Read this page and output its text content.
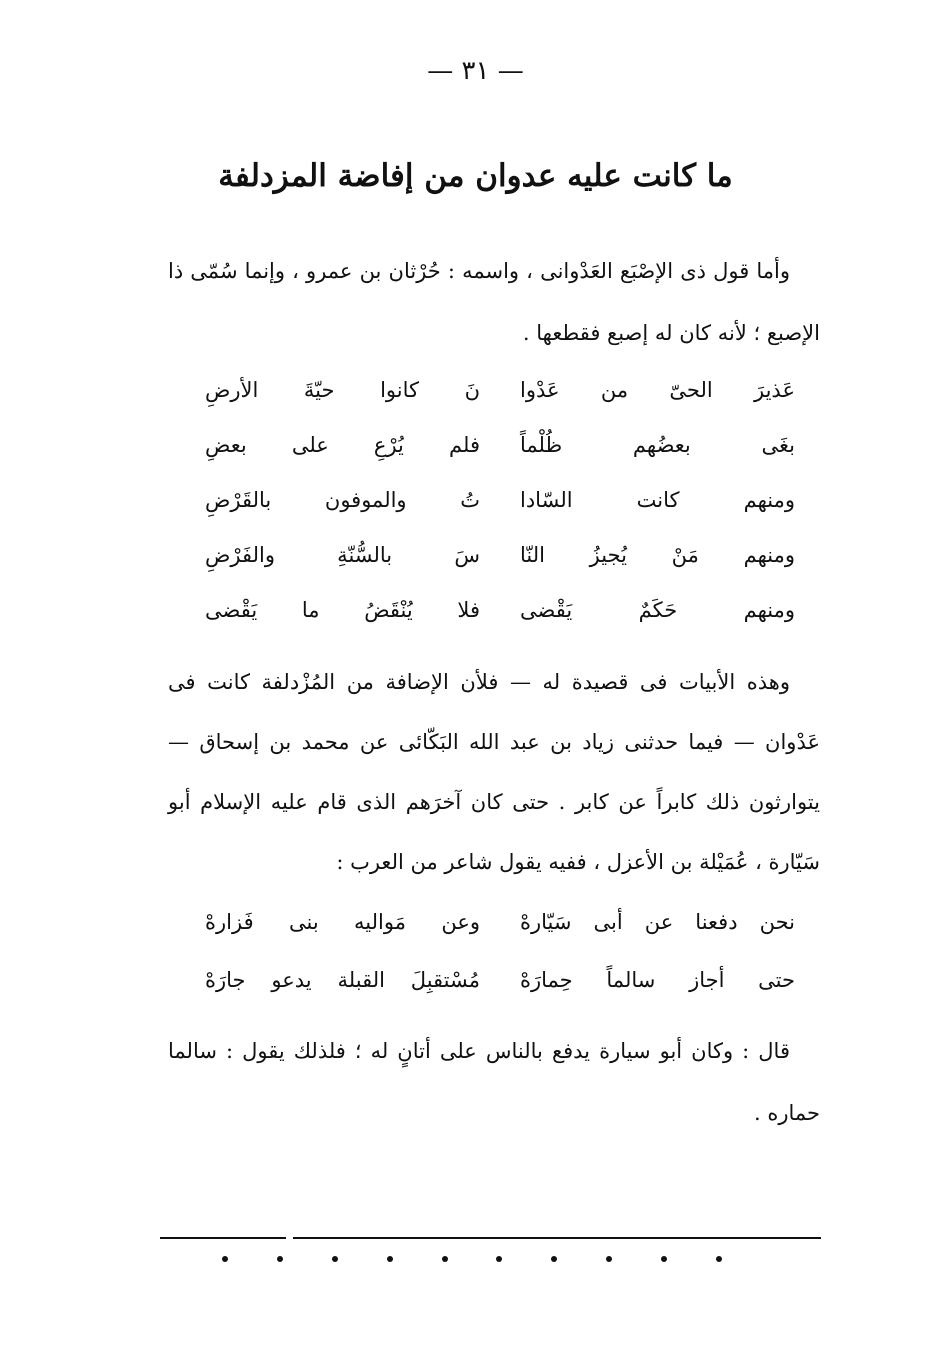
— ٣١ —
ما كانت عليه عدوان من إفاضة المزدلفة

وأما قول ذى الإصْبَع العَدْوانى ، واسمه : حُرْثان بن عمرو ، وإنما سُمّى ذا الإصبع ؛ لأنه كان له إصبع فقطعها .

عَذيرَ الحىّ من عَدْوا
نَ كانوا حيّةَ الأرضِ
بغَى بعضُهم ظُلْماً
فلم يُرْعِ على بعضِ
ومنهم كانت السّادا
تُ والموفون بالقَرْضِ
ومنهم مَنْ يُجيزُ النّا
سَ بالسُّنّةِ والفَرْضِ
ومنهم حَكَمٌ يَقْضى
فلا يُنْقَضُ ما يَقْضى

وهذه الأبيات فى قصيدة له — فلأن الإضافة من المُزْدلفة كانت فى عَدْوان — فيما حدثنى زياد بن عبد الله البَكّائى عن محمد بن إسحاق — يتوارثون ذلك كابراً عن كابر . حتى كان آخرَهم الذى قام عليه الإسلام أبو سَيّارة ، عُمَيْلة بن الأعزل ، ففيه يقول شاعر من العرب :

نحن دفعنا عن أبى سَيّارهْ
وعن مَواليه بنى فَزارهْ
حتى أجاز سالماً حِمارَهْ
مُسْتقبِلَ القبلة يدعو جارَهْ

قال : وكان أبو سيارة يدفع بالناس على أتانٍ له ؛ فلذلك يقول : سالما حماره .
